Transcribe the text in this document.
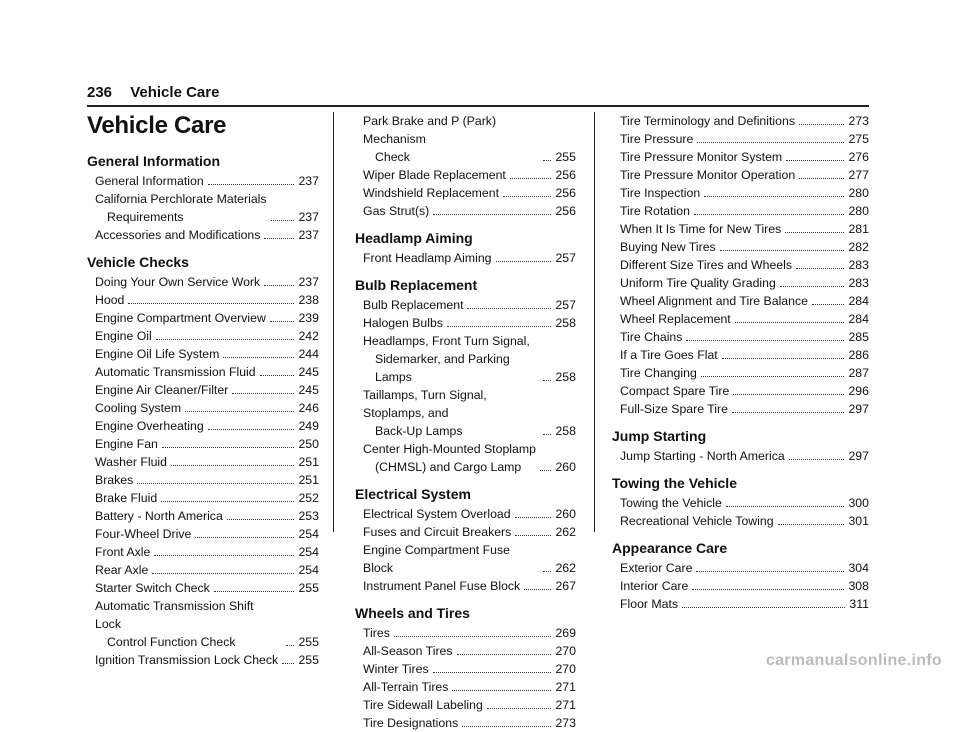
236 Vehicle Care
Vehicle Care
General Information
General Information	237
California Perchlorate Materials
Requirements	237
Accessories and Modifications	237
Vehicle Checks
Doing Your Own Service Work	237
Hood	238
Engine Compartment Overview	239
Engine Oil	242
Engine Oil Life System	244
Automatic Transmission Fluid	245
Engine Air Cleaner/Filter	245
Cooling System	246
Engine Overheating	249
Engine Fan	250
Washer Fluid	251
Brakes	251
Brake Fluid	252
Battery - North America	253
Four-Wheel Drive	254
Front Axle	254
Rear Axle	254
Starter Switch Check	255
Automatic Transmission Shift Lock
Control Function Check	255
Ignition Transmission Lock Check 255
Park Brake and P (Park) Mechanism
Check	255
Wiper Blade Replacement	256
Windshield Replacement	256
Gas Strut(s)	256
Headlamp Aiming
Front Headlamp Aiming	257
Bulb Replacement
Bulb Replacement	257
Halogen Bulbs	258
Headlamps, Front Turn Signal,
Sidemarker, and Parking Lamps	258
Taillamps, Turn Signal, Stoplamps, and
Back-Up Lamps	258
Center High-Mounted Stoplamp
(CHMSL) and Cargo Lamp	260
Electrical System
Electrical System Overload	260
Fuses and Circuit Breakers	262
Engine Compartment Fuse Block	262
Instrument Panel Fuse Block	267
Wheels and Tires
Tires	269
All-Season Tires	270
Winter Tires	270
All-Terrain Tires	271
Tire Sidewall Labeling	271
Tire Designations	273
Tire Terminology and Definitions	273
Tire Pressure	275
Tire Pressure Monitor System	276
Tire Pressure Monitor Operation	277
Tire Inspection	280
Tire Rotation	280
When It Is Time for New Tires	281
Buying New Tires	282
Different Size Tires and Wheels	283
Uniform Tire Quality Grading	283
Wheel Alignment and Tire Balance	284
Wheel Replacement	284
Tire Chains	285
If a Tire Goes Flat	286
Tire Changing	287
Compact Spare Tire	296
Full-Size Spare Tire	297
Jump Starting
Jump Starting - North America	297
Towing the Vehicle
Towing the Vehicle	300
Recreational Vehicle Towing	301
Appearance Care
Exterior Care	304
Interior Care	308
Floor Mats	311
carmanualsonline.info
